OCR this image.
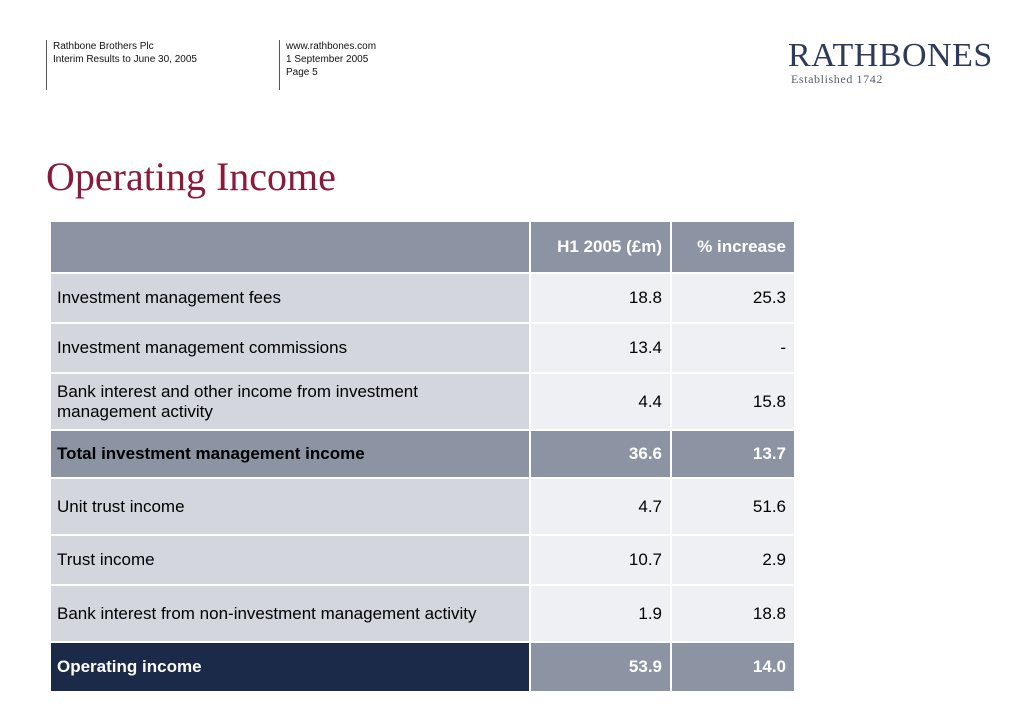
Rathbone Brothers Plc
Interim Results to June 30, 2005
www.rathbones.com
1 September 2005
Page 5	RATHBONES
Established 1742
Operating Income
	H1 2005 (£m)	% increase
Investment management fees	18.8	25.3
Investment management commissions	13.4	-
Bank interest and other income from investment management activity	4.4	15.8
Total investment management income	36.6	13.7
Unit trust income	4.7	51.6
Trust income	10.7	2.9
Bank interest from non-investment management activity	1.9	18.8
Operating income	53.9	14.0
